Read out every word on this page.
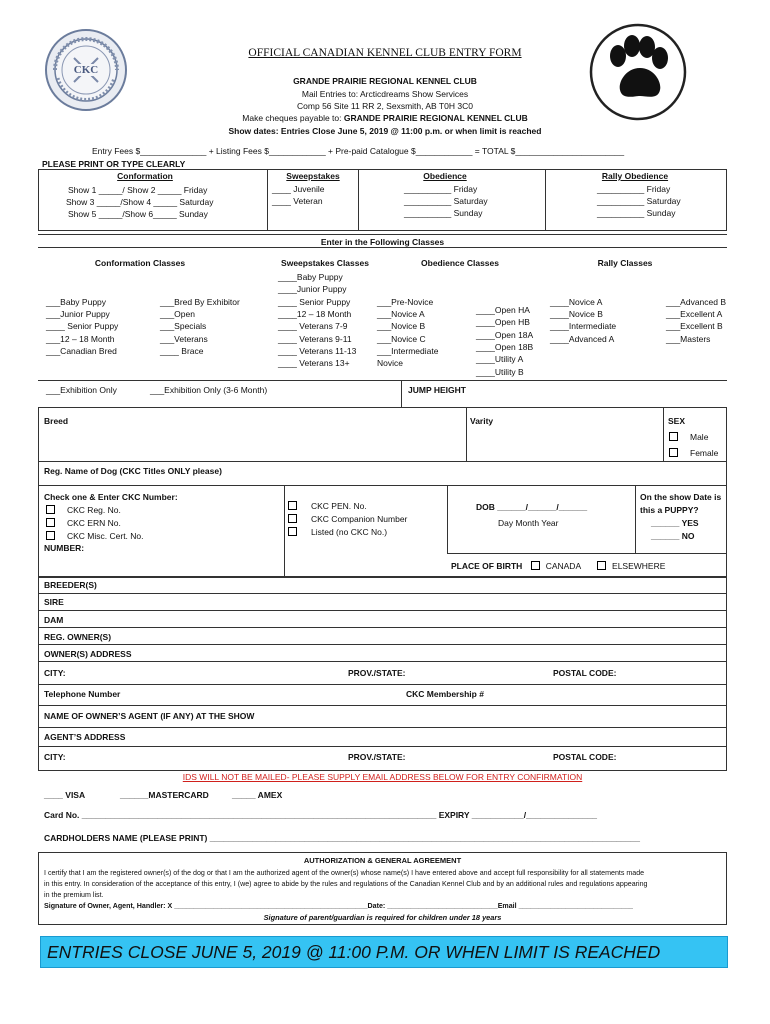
CKC
OFFICIAL CANADIAN KENNEL CLUB ENTRY FORM
GRANDE PRAIRIE REGIONAL KENNEL CLUB
Mail Entries to: Arcticdreams Show Services
Comp 56 Site 11 RR 2, Sexsmith, AB T0H 3C0
Make cheques payable to: GRANDE PRAIRIE REGIONAL KENNEL CLUB
Show dates: Entries Close June 5, 2019 @ 11:00 p.m. or when limit is reached
Entry Fees $______________ + Listing Fees $____________ + Pre-paid Catalogue $____________ = TOTAL $_______________________
PLEASE PRINT OR TYPE CLEARLY
Conformation
Show 1 _____/ Show 2 _____ Friday
Show 3 _____/Show 4 _____ Saturday
Show 5 _____/Show 6_____ Sunday
Sweepstakes
____ Juvenile
____ Veteran
Obedience
__________ Friday
__________ Saturday
__________ Sunday
Rally Obedience
__________ Friday
__________ Saturday
__________ Sunday
Enter in the Following Classes
Conformation Classes	Sweepstakes Classes	Obedience Classes	Rally Classes
___Baby Puppy
___Junior Puppy
____ Senior Puppy
___12 – 18 Month
___Canadian Bred
___Bred By Exhibitor
___Open
___Specials
___Veterans
____ Brace
____Baby Puppy
____Junior Puppy
____ Senior Puppy
____12 – 18 Month
____ Veterans 7-9
____ Veterans 9-11
____ Veterans 11-13
____ Veterans 13+
___Pre-Novice
___Novice A
___Novice B
___Novice C
___Intermediate
Novice
____Open HA
____Open HB
____Open 18A
____Open 18B
____Utility A
____Utility B
____Novice A
____Novice B
____Intermediate
____Advanced A
___Advanced B
___Excellent A
___Excellent B
___Masters
___Exhibition Only	___Exhibition Only (3-6 Month)	JUMP HEIGHT
Breed	Varity	SEX
Male
Female
Reg. Name of Dog (CKC Titles ONLY please)
Check one & Enter CKC Number:
CKC Reg. No.
CKC ERN No.
CKC Misc. Cert. No.
NUMBER:
CKC PEN. No.
CKC Companion Number
Listed (no CKC No.)
DOB ______/______/______
Day Month Year
On the show Date is
this a PUPPY?
______ YES
______ NO
PLACE OF BIRTH	CANADA	ELSEWHERE
BREEDER(S)
SIRE
DAM
REG. OWNER(S)
OWNER(S) ADDRESS
CITY:	PROV./STATE:	POSTAL CODE:
Telephone Number	CKC Membership #
NAME OF OWNER’S AGENT (IF ANY) AT THE SHOW
AGENT’S ADDRESS
CITY:	PROV./STATE:	POSTAL CODE:
IDS WILL NOT BE MAILED- PLEASE SUPPLY EMAIL ADDRESS BELOW FOR ENTRY CONFIRMATION
____ VISA	______MASTERCARD	_____ AMEX
Card No. ___________________________________________________________________________ EXPIRY ___________/_______________
CARDHOLDERS NAME (PLEASE PRINT) ___________________________________________________________________________________________
AUTHORIZATION & GENERAL AGREEMENT
I certify that I am the registered owner(s) of the dog or that I am the authorized agent of the owner(s) whose name(s) I have entered above and accept full responsibility for all statements made
in this entry. In consideration of the acceptance of this entry, I (we) agree to abide by the rules and regulations of the Canadian Kennel Club and by an additional rules and regulations appearing
in the premium list.
Signature of Owner, Agent, Handler: X _________________________________________________Date: ____________________________Email _____________________________
Signature of parent/guardian is required for children under 18 years
ENTRIES CLOSE JUNE 5, 2019 @ 11:00 P.M. OR WHEN LIMIT IS REACHED
